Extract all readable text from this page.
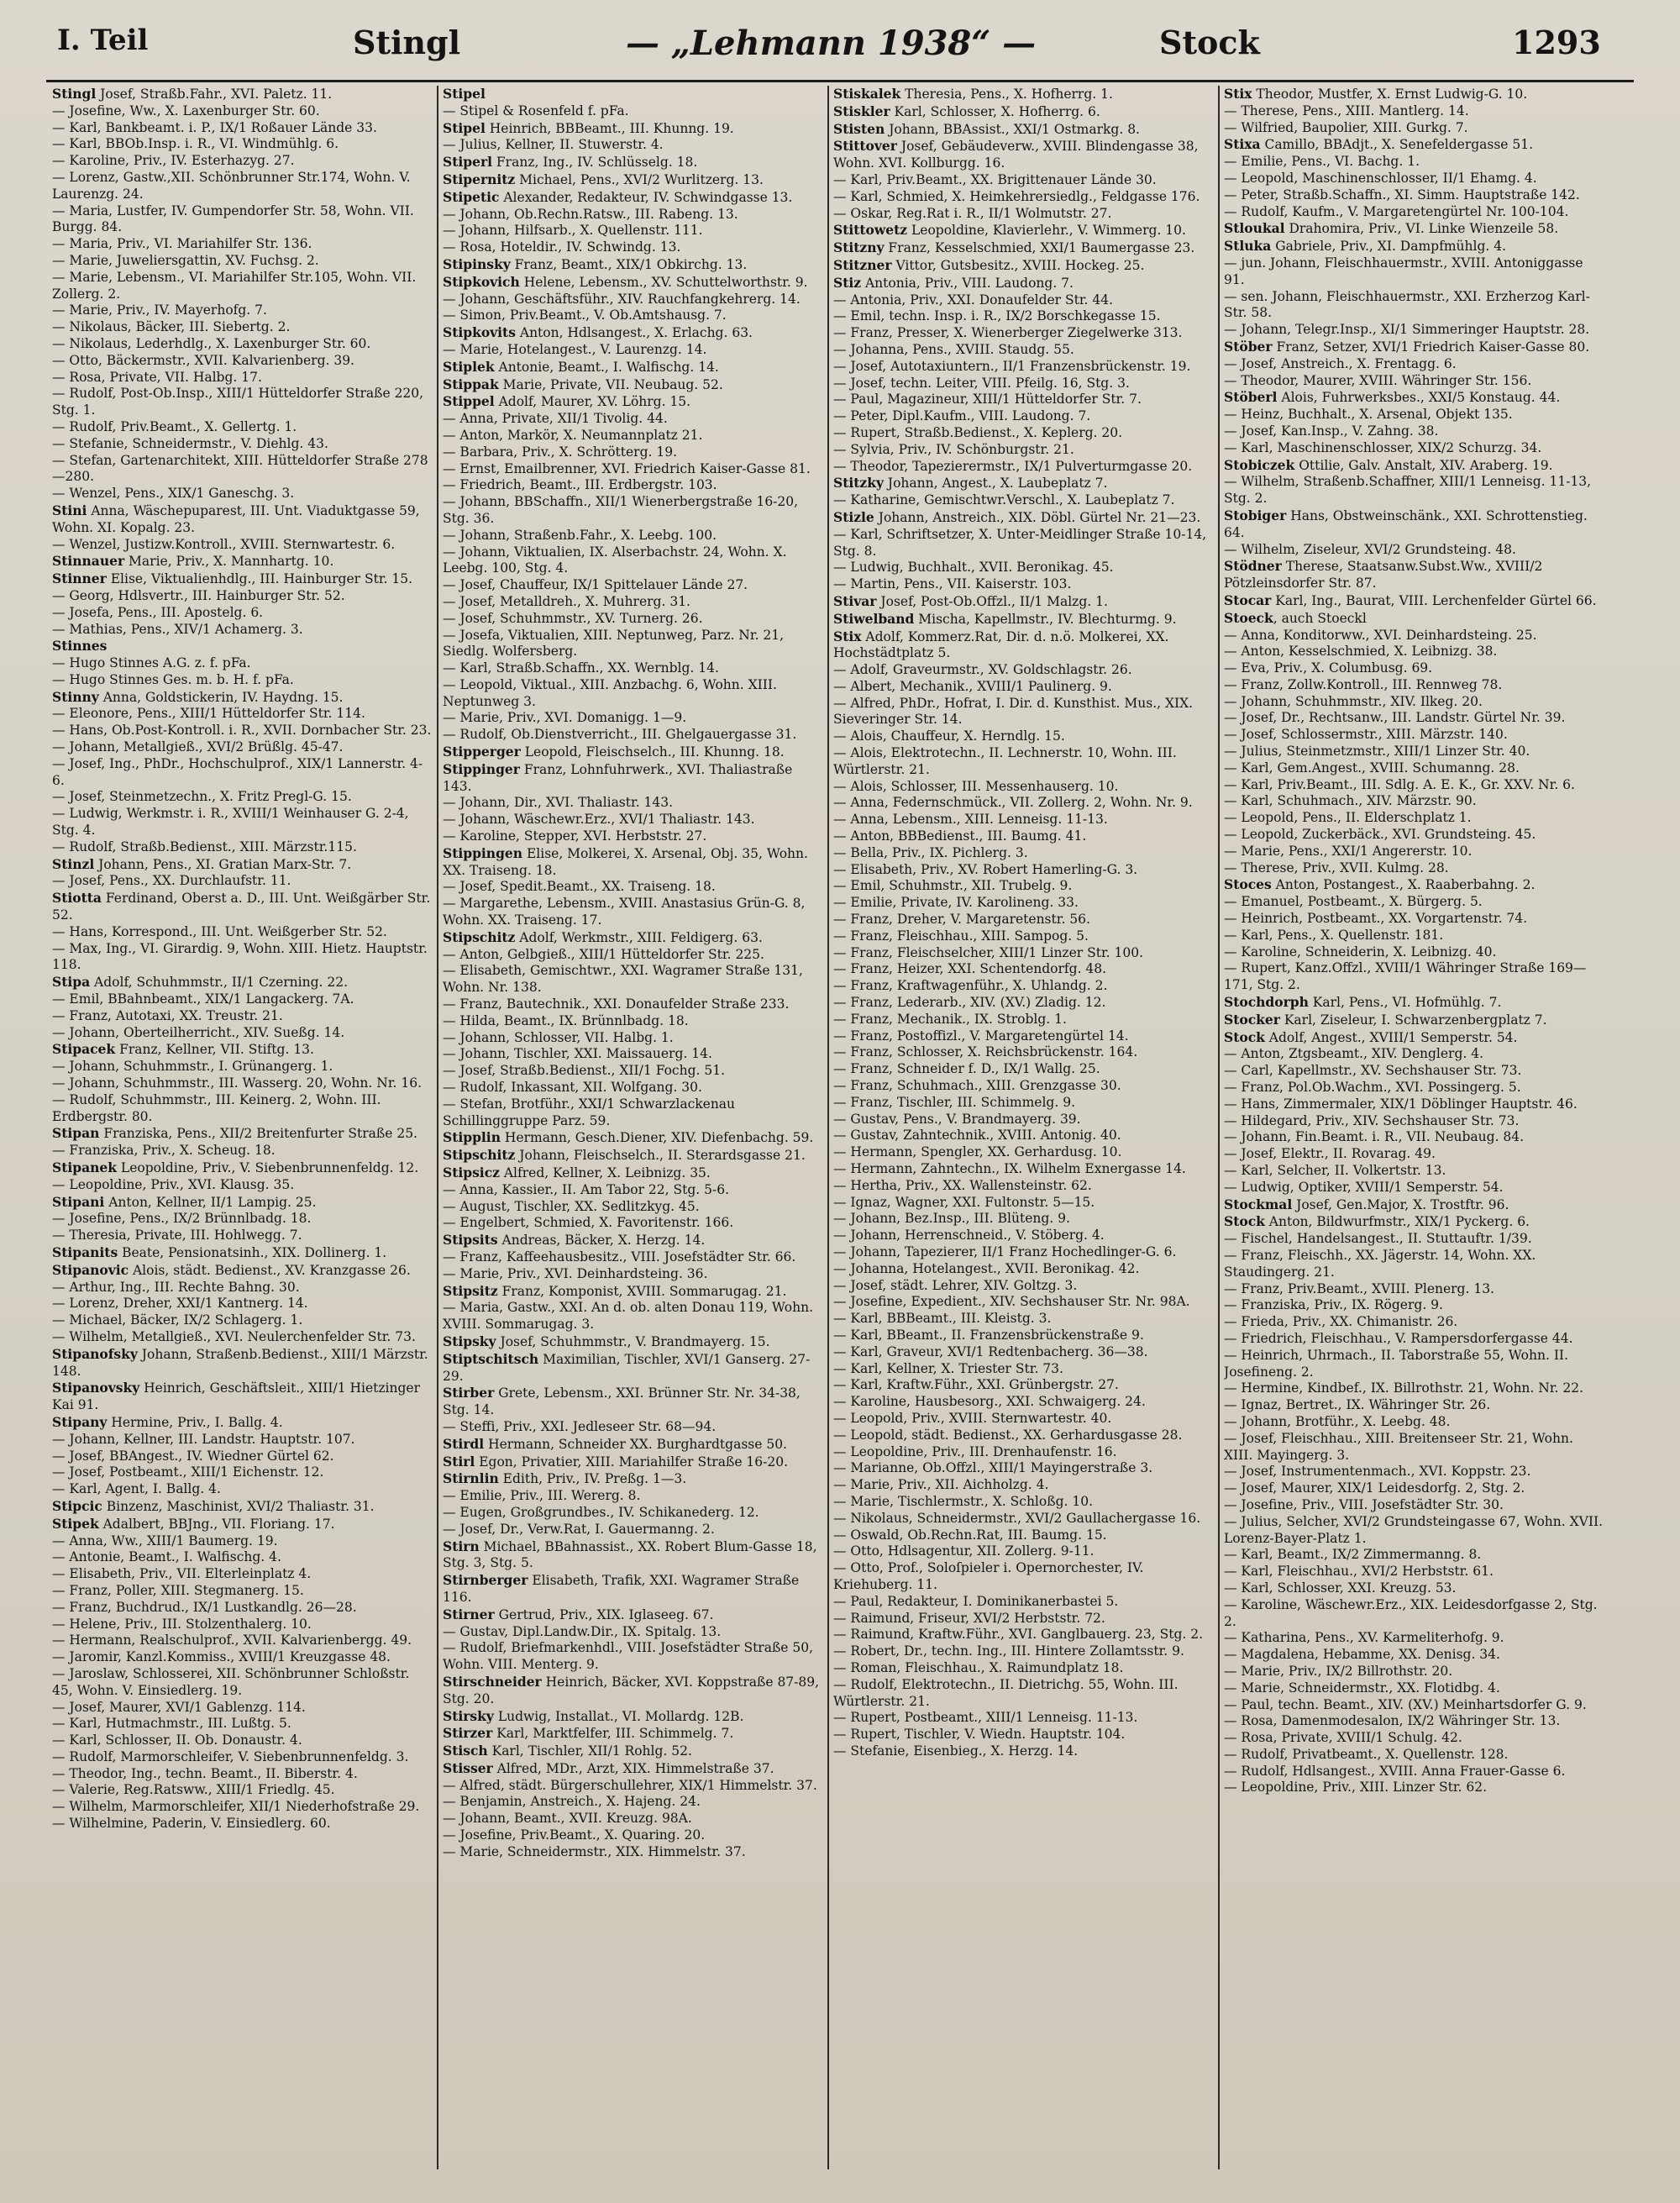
I. Teil	Stingl	— „Lehmann 1938“ —	Stock	1293
Stingl Josef, Straßb.Fahr., XVI. Paletz. 11.
— Josefine, Ww., X. Laxenburger Str. 60.
— Karl, Bankbeamt. i. P., IX/1 Roßauer Lände 33.
— Karl, BBOb.Insp. i. R., VI. Windmühlg. 6.
— Karoline, Priv., IV. Esterhazyg. 27.
— Lorenz, Gastw.,XII. Schönbrunner Str.174, Wohn. V. Laurenzg. 24.
— Maria, Lustfer, IV. Gumpendorfer Str. 58, Wohn. VII. Burgg. 84.
— Maria, Priv., VI. Mariahilfer Str. 136.
— Marie, Juweliersgattin, XV. Fuchsg. 2.
— Marie, Lebensm., VI. Mariahilfer Str.105, Wohn. VII. Zollerg. 2.
— Marie, Priv., IV. Mayerhofg. 7.
— Nikolaus, Bäcker, III. Siebertg. 2.
— Nikolaus, Lederhdlg., X. Laxenburger Str. 60.
— Otto, Bäckermstr., XVII. Kalvarienberg. 39.
— Rosa, Private, VII. Halbg. 17.
— Rudolf, Post-Ob.Insp., XIII/1 Hütteldorfer Straße 220, Stg. 1.
— Rudolf, Priv.Beamt., X. Gellertg. 1.
— Stefanie, Schneidermstr., V. Diehlg. 43.
— Stefan, Gartenarchitekt, XIII. Hütteldorfer Straße 278—280.
— Wenzel, Pens., XIX/1 Ganeschg. 3.
Stini Anna, Wäschepuparest, III. Unt. Viaduktgasse 59, Wohn. XI. Kopalg. 23.
— Wenzel, Justizw.Kontroll., XVIII. Sternwartestr. 6.
Stinnauer Marie, Priv., X. Mannhartg. 10.
Stinner Elise, Viktualienhdlg., III. Hainburger Str. 15.
— Georg, Hdlsvertr., III. Hainburger Str. 52.
— Josefa, Pens., III. Apostelg. 6.
— Mathias, Pens., XIV/1 Achamerg. 3.
Stinnes
— Hugo Stinnes A.G. z. f. pFa.
— Hugo Stinnes Ges. m. b. H. f. pFa.
Stinny Anna, Goldstickerin, IV. Haydng. 15.
— Eleonore, Pens., XIII/1 Hütteldorfer Str. 114.
— Hans, Ob.Post-Kontroll. i. R., XVII. Dornbacher Str. 23.
— Johann, Metallgieß., XVI/2 Brüßlg. 45-47.
— Josef, Ing., PhDr., Hochschulprof., XIX/1 Lannerstr. 4-6.
— Josef, Steinmetzechn., X. Fritz Pregl-G. 15.
— Ludwig, Werkmstr. i. R., XVIII/1 Weinhauser G. 2-4, Stg. 4.
— Rudolf, Straßb.Bedienst., XIII. Märzstr.115.
Stinzl Johann, Pens., XI. Gratian Marx-Str. 7.
— Josef, Pens., XX. Durchlaufstr. 11.
Stiotta Ferdinand, Oberst a. D., III. Unt. Weißgärber Str. 52.
— Hans, Korrespond., III. Unt. Weißgerber Str. 52.
— Max, Ing., VI. Girardig. 9, Wohn. XIII. Hietz. Hauptstr. 118.
Stipa Adolf, Schuhmmstr., II/1 Czerning. 22.
— Emil, BBahnbeamt., XIX/1 Langackerg. 7A.
— Franz, Autotaxi, XX. Treustr. 21.
— Johann, Oberteilherricht., XIV. Sueßg. 14.
Stipacek Franz, Kellner, VII. Stiftg. 13.
— Johann, Schuhmmstr., I. Grünangerg. 1.
— Johann, Schuhmmstr., III. Wasserg. 20, Wohn. Nr. 16.
— Rudolf, Schuhmmstr., III. Keinerg. 2, Wohn. III. Erdbergstr. 80.
Stipan Franziska, Pens., XII/2 Breitenfurter Straße 25.
— Franziska, Priv., X. Scheug. 18.
Stipanek Leopoldine, Priv., V. Siebenbrunnenfeldg. 12.
— Leopoldine, Priv., XVI. Klausg. 35.
Stipani Anton, Kellner, II/1 Lampig. 25.
— Josefine, Pens., IX/2 Brünnlbadg. 18.
— Theresia, Private, III. Hohlwegg. 7.
Stipanits Beate, Pensionatsinh., XIX. Dollinerg. 1.
Stipanovic Alois, städt. Bedienst., XV. Kranzgasse 26.
— Arthur, Ing., III. Rechte Bahng. 30.
— Lorenz, Dreher, XXI/1 Kantnerg. 14.
— Michael, Bäcker, IX/2 Schlagerg. 1.
— Wilhelm, Metallgieß., XVI. Neulerchenfelder Str. 73.
Stipanofsky Johann, Straßenb.Bedienst., XIII/1 Märzstr. 148.
Stipanovsky Heinrich, Geschäftsleit., XIII/1 Hietzinger Kai 91.
Stipany Hermine, Priv., I. Ballg. 4.
— Johann, Kellner, III. Landstr. Hauptstr. 107.
— Josef, BBAngest., IV. Wiedner Gürtel 62.
— Josef, Postbeamt., XIII/1 Eichenstr. 12.
— Karl, Agent, I. Ballg. 4.
Stipcic Binzenz, Maschinist, XVI/2 Thaliastr. 31.
Stipek Adalbert, BBJng., VII. Floriang. 17.
— Anna, Ww., XIII/1 Baumerg. 19.
— Antonie, Beamt., I. Walfischg. 4.
— Elisabeth, Priv., VII. Elterleinplatz 4.
— Franz, Poller, XIII. Stegmanerg. 15.
— Franz, Buchdrud., IX/1 Lustkandlg. 26—28.
— Helene, Priv., III. Stolzenthalerg. 10.
— Hermann, Realschulprof., XVII. Kalvarienbergg. 49.
— Jaromir, Kanzl.Kommiss., XVIII/1 Kreuzgasse 48.
— Jaroslaw, Schlosserei, XII. Schönbrunner Schloßstr. 45, Wohn. V. Einsiedlerg. 19.
— Josef, Maurer, XVI/1 Gablenzg. 114.
— Karl, Hutmachmstr., III. Lußtg. 5.
— Karl, Schlosser, II. Ob. Donaustr. 4.
— Rudolf, Marmorschleifer, V. Siebenbrunnenfeldg. 3.
— Theodor, Ing., techn. Beamt., II. Biberstr. 4.
— Valerie, Reg.Ratsww., XIII/1 Friedlg. 45.
— Wilhelm, Marmorschleifer, XII/1 Niederhofstraße 29.
— Wilhelmine, Paderin, V. Einsiedlerg. 60.
Stipel
— Stipel & Rosenfeld f. pFa.
Stipel Heinrich, BBBeamt., III. Khunng. 19.
— Julius, Kellner, II. Stuwerstr. 4.
Stiperl Franz, Ing., IV. Schlüsselg. 18.
Stipernitz Michael, Pens., XVI/2 Wurlitzerg. 13.
Stipetic Alexander, Redakteur, IV. Schwindgasse 13.
— Johann, Ob.Rechn.Ratsw., III. Rabeng. 13.
— Johann, Hilfsarb., X. Quellenstr. 111.
— Rosa, Hoteldir., IV. Schwindg. 13.
Stipinsky Franz, Beamt., XIX/1 Obkirchg. 13.
Stipkovich Helene, Lebensm., XV. Schuttelworthstr. 9.
— Johann, Geschäftsführ., XIV. Rauchfangkehrerg. 14.
— Simon, Priv.Beamt., V. Ob.Amtshausg. 7.
Stipkovits Anton, Hdlsangest., X. Erlachg. 63.
— Marie, Hotelangest., V. Laurenzg. 14.
Stiplek Antonie, Beamt., I. Walfischg. 14.
Stippak Marie, Private, VII. Neubaug. 52.
Stippel Adolf, Maurer, XV. Löhrg. 15.
— Anna, Private, XII/1 Tivolig. 44.
— Anton, Markör, X. Neumannplatz 21.
— Barbara, Priv., X. Schrötterg. 19.
— Ernst, Emailbrenner, XVI. Friedrich Kaiser-Gasse 81.
— Friedrich, Beamt., III. Erdbergstr. 103.
— Johann, BBSchaffn., XII/1 Wienerbergstraße 16-20, Stg. 36.
— Johann, Straßenb.Fahr., X. Leebg. 100.
— Johann, Viktualien, IX. Alserbachstr. 24, Wohn. X. Leebg. 100, Stg. 4.
— Josef, Chauffeur, IX/1 Spittelauer Lände 27.
— Josef, Metalldreh., X. Muhrerg. 31.
— Josef, Schuhmmstr., XV. Turnerg. 26.
— Josefa, Viktualien, XIII. Neptunweg, Parz. Nr. 21, Siedlg. Wolfersberg.
— Karl, Straßb.Schaffn., XX. Wernblg. 14.
— Leopold, Viktual., XIII. Anzbachg. 6, Wohn. XIII. Neptunweg 3.
— Marie, Priv., XVI. Domanigg. 1—9.
— Rudolf, Ob.Dienstverricht., III. Ghelgauergasse 31.
Stipperger Leopold, Fleischselch., III. Khunng. 18.
Stippinger Franz, Lohnfuhrwerk., XVI. Thaliastraße 143.
— Johann, Dir., XVI. Thaliastr. 143.
— Johann, Wäschewr.Erz., XVI/1 Thaliastr. 143.
— Karoline, Stepper, XVI. Herbststr. 27.
Stippingen Elise, Molkerei, X. Arsenal, Obj. 35, Wohn. XX. Traiseng. 18.
— Josef, Spedit.Beamt., XX. Traiseng. 18.
— Margarethe, Lebensm., XVIII. Anastasius Grün-G. 8, Wohn. XX. Traiseng. 17.
Stipschitz Adolf, Werkmstr., XIII. Feldigerg. 63.
— Anton, Gelbgieß., XIII/1 Hütteldorfer Str. 225.
— Elisabeth, Gemischtwr., XXI. Wagramer Straße 131, Wohn. Nr. 138.
— Franz, Bautechnik., XXI. Donaufelder Straße 233.
— Hilda, Beamt., IX. Brünnlbadg. 18.
— Johann, Schlosser, VII. Halbg. 1.
— Johann, Tischler, XXI. Maissauerg. 14.
— Josef, Straßb.Bedienst., XII/1 Fochg. 51.
— Rudolf, Inkassant, XII. Wolfgang. 30.
— Stefan, Brotführ., XXI/1 Schwarzlackenau Schillinggruppe Parz. 59.
Stipplin Hermann, Gesch.Diener, XIV. Diefenbachg. 59.
Stipschitz Johann, Fleischselch., II. Sterardsgasse 21.
Stipsicz Alfred, Kellner, X. Leibnizg. 35.
— Anna, Kassier., II. Am Tabor 22, Stg. 5-6.
— August, Tischler, XX. Sedlitzkyg. 45.
— Engelbert, Schmied, X. Favoritenstr. 166.
Stipsits Andreas, Bäcker, X. Herzg. 14.
— Franz, Kaffeehausbesitz., VIII. Josefstädter Str. 66.
— Marie, Priv., XVI. Deinhardsteing. 36.
Stipsitz Franz, Komponist, XVIII. Sommarugag. 21.
— Maria, Gastw., XXI. An d. ob. alten Donau 119, Wohn. XVIII. Sommarugag. 3.
Stipsky Josef, Schuhmmstr., V. Brandmayerg. 15.
Stiptschitsch Maximilian, Tischler, XVI/1 Ganserg. 27-29.
Stirber Grete, Lebensm., XXI. Brünner Str. Nr. 34-38, Stg. 14.
— Steffi, Priv., XXI. Jedleseer Str. 68—94.
Stirdl Hermann, Schneider XX. Burghardtgasse 50.
Stirl Egon, Privatier, XIII. Mariahilfer Straße 16-20.
Stirnlin Edith, Priv., IV. Preßg. 1—3.
— Emilie, Priv., III. Wererg. 8.
— Eugen, Großgrundbes., IV. Schikanederg. 12.
— Josef, Dr., Verw.Rat, I. Gauermanng. 2.
Stirn Michael, BBahnassist., XX. Robert Blum-Gasse 18, Stg. 3, Stg. 5.
Stirnberger Elisabeth, Trafik, XXI. Wagramer Straße 116.
Stirner Gertrud, Priv., XIX. Iglaseeg. 67.
— Gustav, Dipl.Landw.Dir., IX. Spitalg. 13.
— Rudolf, Briefmarkenhdl., VIII. Josefstädter Straße 50, Wohn. VIII. Menterg. 9.
Stirschneider Heinrich, Bäcker, XVI. Koppstraße 87-89, Stg. 20.
Stirsky Ludwig, Installat., VI. Mollardg. 12B.
Stirzer Karl, Marktfelfer, III. Schimmelg. 7.
Stisch Karl, Tischler, XII/1 Rohlg. 52.
Stisser Alfred, MDr., Arzt, XIX. Himmelstraße 37.
— Alfred, städt. Bürgerschullehrer, XIX/1 Himmelstr. 37.
— Benjamin, Anstreich., X. Hajeng. 24.
— Johann, Beamt., XVII. Kreuzg. 98A.
— Josefine, Priv.Beamt., X. Quaring. 20.
— Marie, Schneidermstr., XIX. Himmelstr. 37.
Stiskalek Theresia, Pens., X. Hofherrg. 1.
Stiskler Karl, Schlosser, X. Hofherrg. 6.
Stisten Johann, BBAssist., XXI/1 Ostmarkg. 8.
Stittover Josef, Gebäudeverw., XVIII. Blindengasse 38, Wohn. XVI. Kollburgg. 16.
— Karl, Priv.Beamt., XX. Brigittenauer Lände 30.
— Karl, Schmied, X. Heimkehrersiedlg., Feldgasse 176.
— Oskar, Reg.Rat i. R., II/1 Wolmutstr. 27.
Stittowetz Leopoldine, Klavierlehr., V. Wimmerg. 10.
Stitzny Franz, Kesselschmied, XXI/1 Baumergasse 23.
Stitzner Vittor, Gutsbesitz., XVIII. Hockeg. 25.
Stiz Antonia, Priv., VIII. Laudong. 7.
— Antonia, Priv., XXI. Donaufelder Str. 44.
— Emil, techn. Insp. i. R., IX/2 Borschkegasse 15.
— Franz, Presser, X. Wienerberger Ziegelwerke 313.
— Johanna, Pens., XVIII. Staudg. 55.
— Josef, Autotaxiuntern., II/1 Franzensbrückenstr. 19.
— Josef, techn. Leiter, VIII. Pfeilg. 16, Stg. 3.
— Paul, Magazineur, XIII/1 Hütteldorfer Str. 7.
— Peter, Dipl.Kaufm., VIII. Laudong. 7.
— Rupert, Straßb.Bedienst., X. Keplerg. 20.
— Sylvia, Priv., IV. Schönburgstr. 21.
— Theodor, Tapezierermstr., IX/1 Pulverturmgasse 20.
Stitzky Johann, Angest., X. Laubeplatz 7.
— Katharine, Gemischtwr.Verschl., X. Laubeplatz 7.
Stizle Johann, Anstreich., XIX. Döbl. Gürtel Nr. 21—23.
— Karl, Schriftsetzer, X. Unter-Meidlinger Straße 10-14, Stg. 8.
— Ludwig, Buchhalt., XVII. Beronikag. 45.
— Martin, Pens., VII. Kaiserstr. 103.
Stivar Josef, Post-Ob.Offzl., II/1 Malzg. 1.
Stiwelband Mischa, Kapellmstr., IV. Blechturmg. 9.
Stix Adolf, Kommerz.Rat, Dir. d. n.ö. Molkerei, XX. Hochstädtplatz 5.
— Adolf, Graveurmstr., XV. Goldschlagstr. 26.
— Albert, Mechanik., XVIII/1 Paulinerg. 9.
— Alfred, PhDr., Hofrat, I. Dir. d. Kunsthist. Mus., XIX. Sieveringer Str. 14.
— Alois, Chauffeur, X. Herndlg. 15.
— Alois, Elektrotechn., II. Lechnerstr. 10, Wohn. III. Würtlerstr. 21.
— Alois, Schlosser, III. Messenhauserg. 10.
— Anna, Federnschmück., VII. Zollerg. 2, Wohn. Nr. 9.
— Anna, Lebensm., XIII. Lenneisg. 11-13.
— Anton, BBBedienst., III. Baumg. 41.
— Bella, Priv., IX. Pichlerg. 3.
— Elisabeth, Priv., XV. Robert Hamerling-G. 3.
— Emil, Schuhmstr., XII. Trubelg. 9.
— Emilie, Private, IV. Karolineng. 33.
— Franz, Dreher, V. Margaretenstr. 56.
— Franz, Fleischhau., XIII. Sampog. 5.
— Franz, Fleischselcher, XIII/1 Linzer Str. 100.
— Franz, Heizer, XXI. Schentendorfg. 48.
— Franz, Kraftwagenführ., X. Uhlandg. 2.
— Franz, Lederarb., XIV. (XV.) Zladig. 12.
— Franz, Mechanik., IX. Stroblg. 1.
— Franz, Postoffizl., V. Margaretengürtel 14.
— Franz, Schlosser, X. Reichsbrückenstr. 164.
— Franz, Schneider f. D., IX/1 Wallg. 25.
— Franz, Schuhmach., XIII. Grenzgasse 30.
— Franz, Tischler, III. Schimmelg. 9.
— Gustav, Pens., V. Brandmayerg. 39.
— Gustav, Zahntechnik., XVIII. Antonig. 40.
— Hermann, Spengler, XX. Gerhardusg. 10.
— Hermann, Zahntechn., IX. Wilhelm Exnergasse 14.
— Hertha, Priv., XX. Wallensteinstr. 62.
— Ignaz, Wagner, XXI. Fultonstr. 5—15.
— Johann, Bez.Insp., III. Blüteng. 9.
— Johann, Herrenschneid., V. Stöberg. 4.
— Johann, Tapezierer, II/1 Franz Hochedlinger-G. 6.
— Johanna, Hotelangest., XVII. Beronikag. 42.
— Josef, städt. Lehrer, XIV. Goltzg. 3.
— Josefine, Expedient., XIV. Sechshauser Str. Nr. 98A.
— Karl, BBBeamt., III. Kleistg. 3.
— Karl, BBeamt., II. Franzensbrückenstraße 9.
— Karl, Graveur, XVI/1 Redtenbacherg. 36—38.
— Karl, Kellner, X. Triester Str. 73.
— Karl, Kraftw.Führ., XXI. Grünbergstr. 27.
— Karoline, Hausbesorg., XXI. Schwaigerg. 24.
— Leopold, Priv., XVIII. Sternwartestr. 40.
— Leopold, städt. Bedienst., XX. Gerhardusgasse 28.
— Leopoldine, Priv., III. Drenhaufenstr. 16.
— Marianne, Ob.Offzl., XIII/1 Mayingerstraße 3.
— Marie, Priv., XII. Aichholzg. 4.
— Marie, Tischlermstr., X. Schloßg. 10.
— Nikolaus, Schneidermstr., XVI/2 Gaullachergasse 16.
— Oswald, Ob.Rechn.Rat, III. Baumg. 15.
— Otto, Hdlsagentur, XII. Zollerg. 9-11.
— Otto, Prof., Soloſpieler i. Opernorchester, IV. Kriehuberg. 11.
— Paul, Redakteur, I. Dominikanerbastei 5.
— Raimund, Friseur, XVI/2 Herbststr. 72.
— Raimund, Kraftw.Führ., XVI. Ganglbauerg. 23, Stg. 2.
— Robert, Dr., techn. Ing., III. Hintere Zollamtsstr. 9.
— Roman, Fleischhau., X. Raimundplatz 18.
— Rudolf, Elektrotechn., II. Dietrichg. 55, Wohn. III. Würtlerstr. 21.
— Rupert, Postbeamt., XIII/1 Lenneisg. 11-13.
— Rupert, Tischler, V. Wiedn. Hauptstr. 104.
— Stefanie, Eisenbieg., X. Herzg. 14.
Stix Theodor, Mustfer, X. Ernst Ludwig-G. 10.
— Therese, Pens., XIII. Mantlerg. 14.
— Wilfried, Baupolier, XIII. Gurkg. 7.
Stixa Camillo, BBAdjt., X. Senefeldergasse 51.
— Emilie, Pens., VI. Bachg. 1.
— Leopold, Maschinenschlosser, II/1 Ehamg. 4.
— Peter, Straßb.Schaffn., XI. Simm. Hauptstraße 142.
— Rudolf, Kaufm., V. Margaretengürtel Nr. 100-104.
Stloukal Drahomira, Priv., VI. Linke Wienzeile 58.
Stluka Gabriele, Priv., XI. Dampfmühlg. 4.
— jun. Johann, Fleischhauermstr., XVIII. Antoniggasse 91.
— sen. Johann, Fleischhauermstr., XXI. Erzherzog Karl-Str. 58.
— Johann, Telegr.Insp., XI/1 Simmeringer Hauptstr. 28.
Stöber Franz, Setzer, XVI/1 Friedrich Kaiser-Gasse 80.
— Josef, Anstreich., X. Frentagg. 6.
— Theodor, Maurer, XVIII. Währinger Str. 156.
Stöberl Alois, Fuhrwerksbes., XXI/5 Konstaug. 44.
— Heinz, Buchhalt., X. Arsenal, Objekt 135.
— Josef, Kan.Insp., V. Zahng. 38.
— Karl, Maschinenschlosser, XIX/2 Schurzg. 34.
Stobiczek Ottilie, Galv. Anstalt, XIV. Araberg. 19.
— Wilhelm, Straßenb.Schaffner, XIII/1 Lenneisg. 11-13, Stg. 2.
Stobiger Hans, Obstweinschänk., XXI. Schrottenstieg. 64.
— Wilhelm, Ziseleur, XVI/2 Grundsteing. 48.
Stödner Therese, Staatsanw.Subst.Ww., XVIII/2 Pötzleinsdorfer Str. 87.
Stocar Karl, Ing., Baurat, VIII. Lerchenfelder Gürtel 66.
Stoeck, auch Stoeckl
— Anna, Konditorww., XVI. Deinhardsteing. 25.
— Anton, Kesselschmied, X. Leibnizg. 38.
— Eva, Priv., X. Columbusg. 69.
— Franz, Zollw.Kontroll., III. Rennweg 78.
— Johann, Schuhmmstr., XIV. Ilkeg. 20.
— Josef, Dr., Rechtsanw., III. Landstr. Gürtel Nr. 39.
— Josef, Schlossermstr., XIII. Märzstr. 140.
— Julius, Steinmetzmstr., XIII/1 Linzer Str. 40.
— Karl, Gem.Angest., XVIII. Schumanng. 28.
— Karl, Priv.Beamt., III. Sdlg. A. E. K., Gr. XXV. Nr. 6.
— Karl, Schuhmach., XIV. Märzstr. 90.
— Leopold, Pens., II. Elderschplatz 1.
— Leopold, Zuckerbäck., XVI. Grundsteing. 45.
— Marie, Pens., XXI/1 Angererstr. 10.
— Therese, Priv., XVII. Kulmg. 28.
Stoces Anton, Postangest., X. Raaberbahng. 2.
— Emanuel, Postbeamt., X. Bürgerg. 5.
— Heinrich, Postbeamt., XX. Vorgartenstr. 74.
— Karl, Pens., X. Quellenstr. 181.
— Karoline, Schneiderin, X. Leibnizg. 40.
— Rupert, Kanz.Offzl., XVIII/1 Währinger Straße 169—171, Stg. 2.
Stochdorph Karl, Pens., VI. Hofmühlg. 7.
Stocker Karl, Ziseleur, I. Schwarzenbergplatz 7.
Stock Adolf, Angest., XVIII/1 Semperstr. 54.
— Anton, Ztgsbeamt., XIV. Denglerg. 4.
— Carl, Kapellmstr., XV. Sechshauser Str. 73.
— Franz, Pol.Ob.Wachm., XVI. Possingerg. 5.
— Hans, Zimmermaler, XIX/1 Döblinger Hauptstr. 46.
— Hildegard, Priv., XIV. Sechshauser Str. 73.
— Johann, Fin.Beamt. i. R., VII. Neubaug. 84.
— Josef, Elektr., II. Rovarag. 49.
— Karl, Selcher, II. Volkertstr. 13.
— Ludwig, Optiker, XVIII/1 Semperstr. 54.
Stockmal Josef, Gen.Major, X. Trostftr. 96.
Stock Anton, Bildwurfmstr., XIX/1 Pyckerg. 6.
— Fischel, Handelsangest., II. Stuttauftr. 1/39.
— Franz, Fleischh., XX. Jägerstr. 14, Wohn. XX. Staudingerg. 21.
— Franz, Priv.Beamt., XVIII. Plenerg. 13.
— Franziska, Priv., IX. Rögerg. 9.
— Frieda, Priv., XX. Chimanistr. 26.
— Friedrich, Fleischhau., V. Rampersdorfergasse 44.
— Heinrich, Uhrmach., II. Taborstraße 55, Wohn. II. Josefineng. 2.
— Hermine, Kindbef., IX. Billrothstr. 21, Wohn. Nr. 22.
— Ignaz, Bertret., IX. Währinger Str. 26.
— Johann, Brotführ., X. Leebg. 48.
— Josef, Fleischhau., XIII. Breitenseer Str. 21, Wohn. XIII. Mayingerg. 3.
— Josef, Instrumentenmach., XVI. Koppstr. 23.
— Josef, Maurer, XIX/1 Leidesdorfg. 2, Stg. 2.
— Josefine, Priv., VIII. Josefstädter Str. 30.
— Julius, Selcher, XVI/2 Grundsteingasse 67, Wohn. XVII. Lorenz-Bayer-Platz 1.
— Karl, Beamt., IX/2 Zimmermanng. 8.
— Karl, Fleischhau., XVI/2 Herbststr. 61.
— Karl, Schlosser, XXI. Kreuzg. 53.
— Karoline, Wäschewr.Erz., XIX. Leidesdorfgasse 2, Stg. 2.
— Katharina, Pens., XV. Karmeliterhofg. 9.
— Magdalena, Hebamme, XX. Denisg. 34.
— Marie, Priv., IX/2 Billrothstr. 20.
— Marie, Schneidermstr., XX. Flotidbg. 4.
— Paul, techn. Beamt., XIV. (XV.) Meinhartsdorfer G. 9.
— Rosa, Damenmodesalon, IX/2 Währinger Str. 13.
— Rosa, Private, XVIII/1 Schulg. 42.
— Rudolf, Privatbeamt., X. Quellenstr. 128.
— Rudolf, Hdlsangest., XVIII. Anna Frauer-Gasse 6.
— Leopoldine, Priv., XIII. Linzer Str. 62.
